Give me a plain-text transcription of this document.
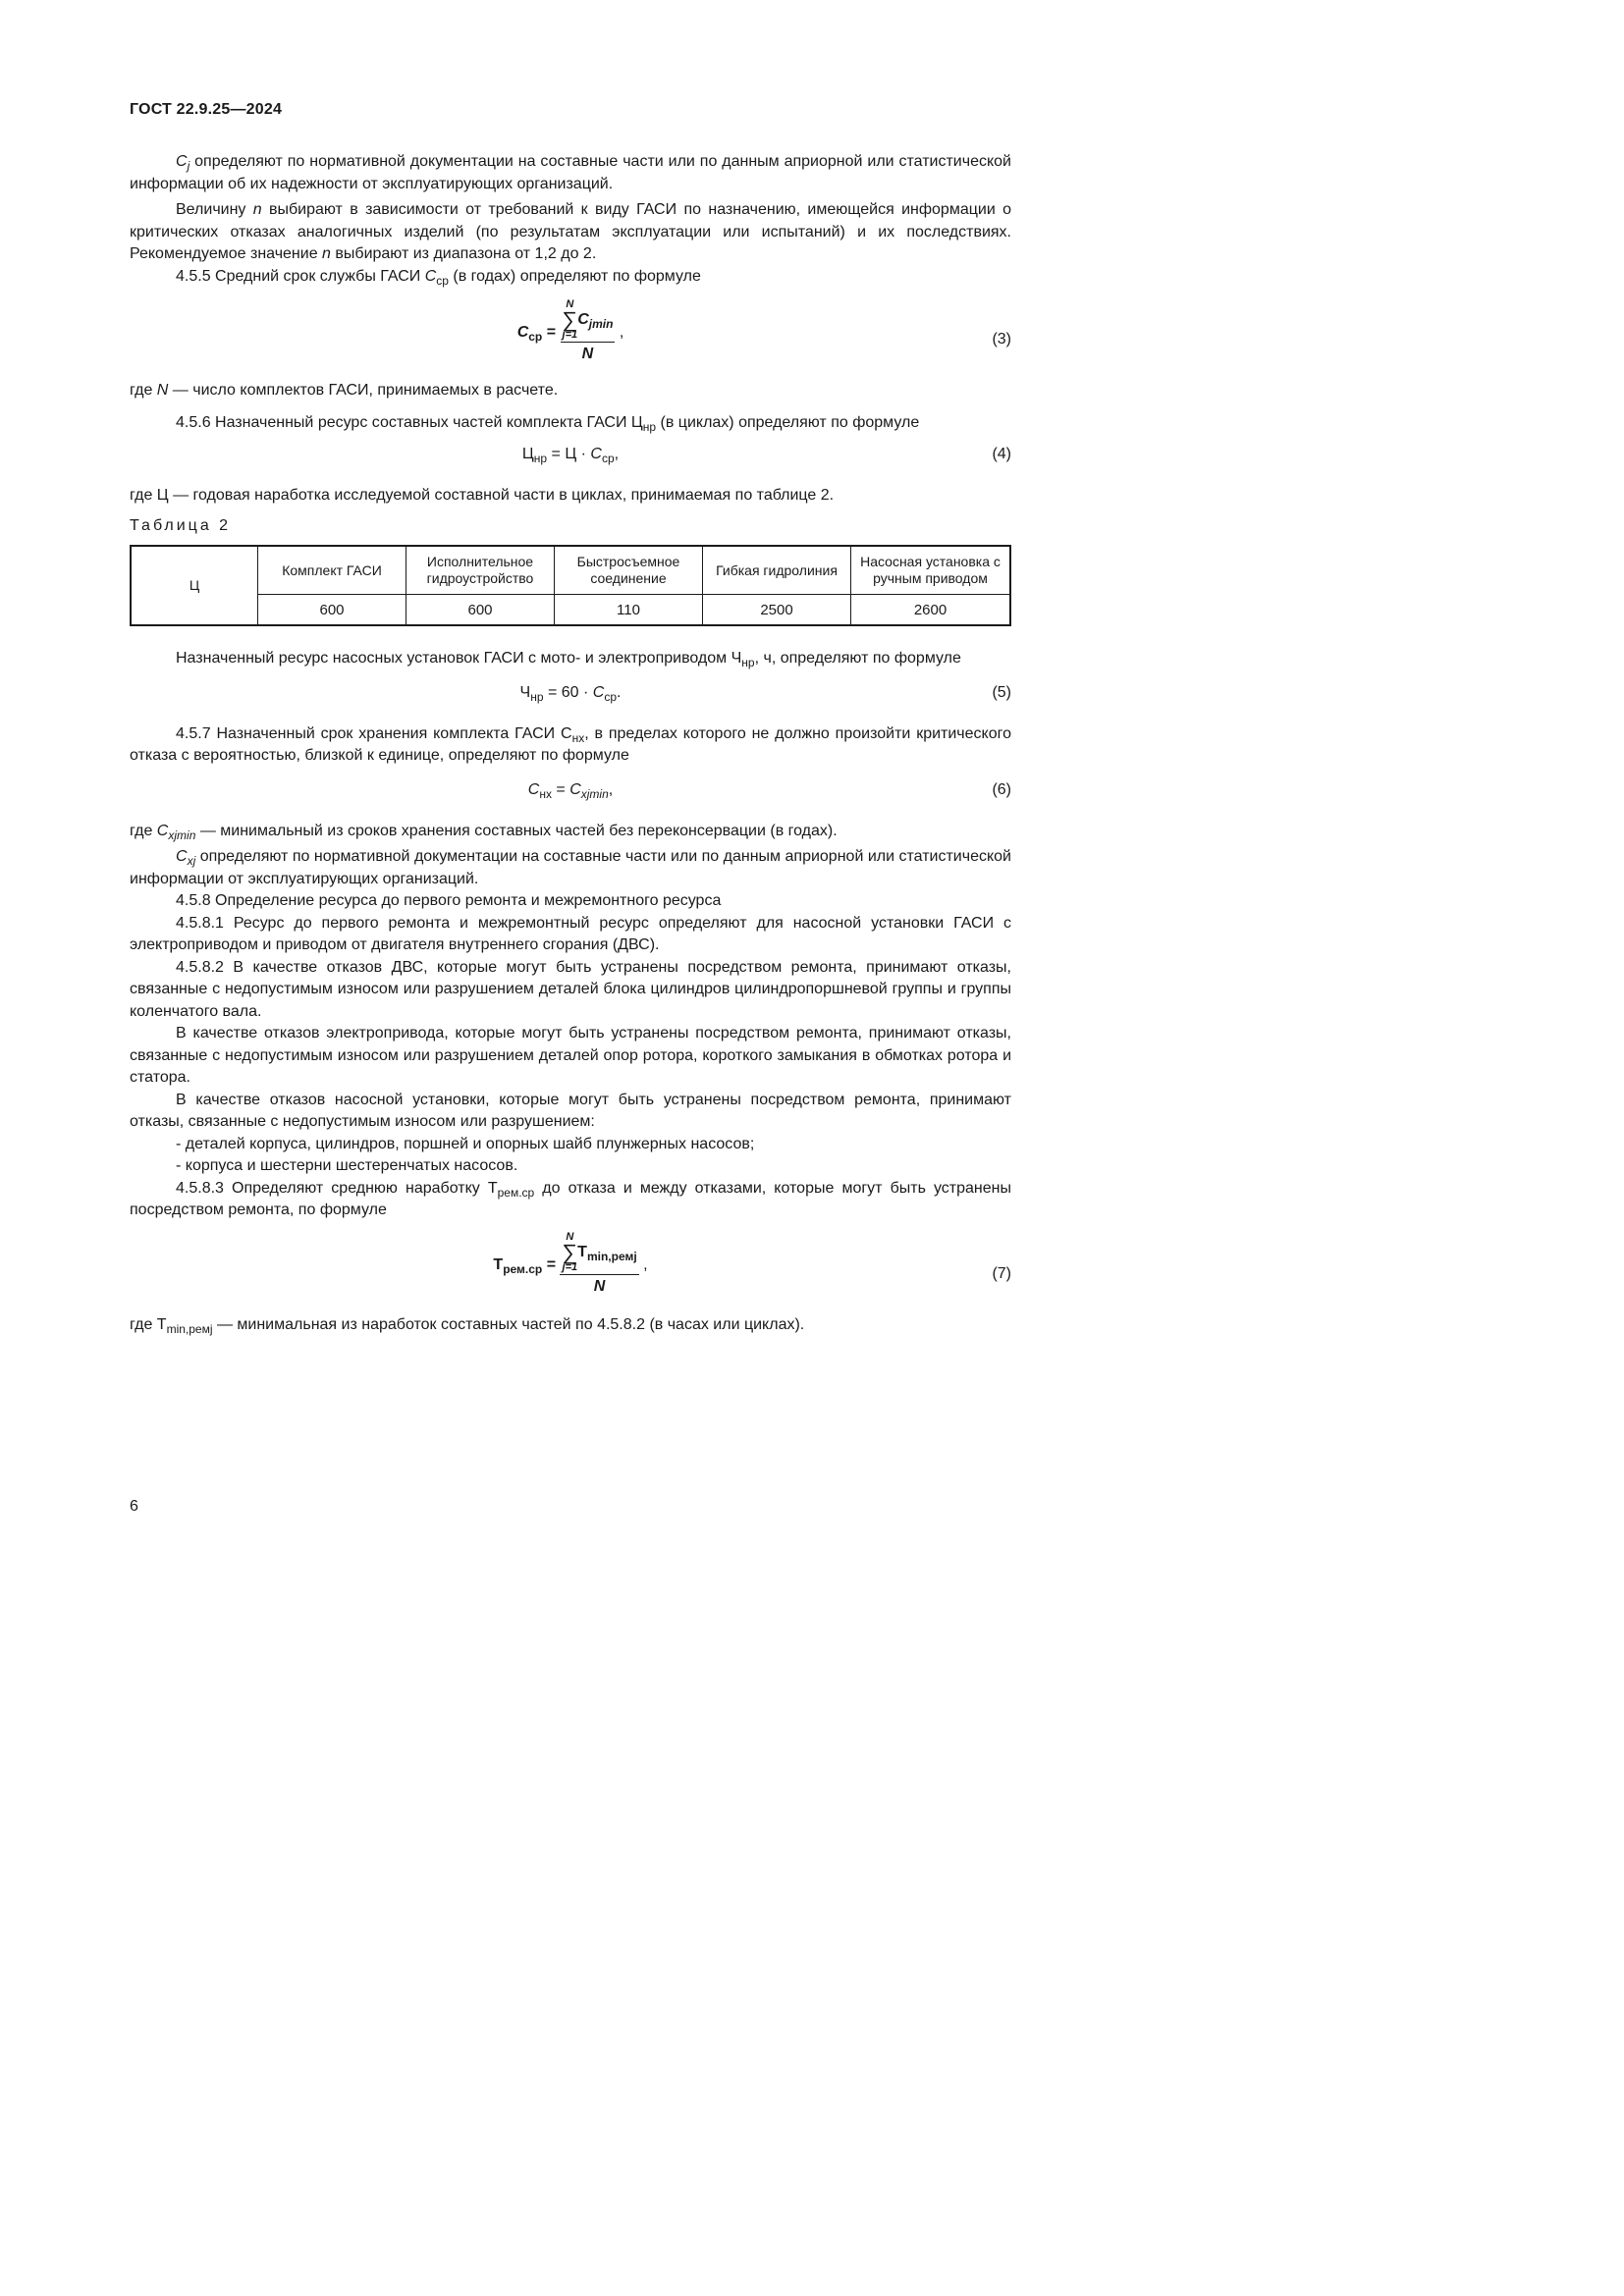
ГОСТ 22.9.25—2024

$C_j$ определяют по нормативной документации на составные части или по данным априорной или статистической информации об их надежности от эксплуатирующих организаций.

Величину n выбирают в зависимости от требований к виду ГАСИ по назначению, имеющейся информации о критических отказах аналогичных изделий (по результатам эксплуатации или испытаний) и их последствиях. Рекомендуемое значение n выбирают из диапазона от 1,2 до 2.

4.5.5 Средний срок службы ГАСИ $C_{ср}$ (в годах) определяют по формуле

$C_{ср}$ =
N
∑
$j=1C_{jmin}$
N
,	(3)

где N — число комплектов ГАСИ, принимаемых в расчете.

4.5.6 Назначенный ресурс составных частей комплекта ГАСИ $Ц_{нр}$ (в циклах) определяют по формуле

$Ц_{нр} = Ц \cdot C_{ср}$,	(4)

где Ц — годовая наработка исследуемой составной части в циклах, принимаемая по таблице 2.

Таблица 2

Ц	Комплект ГАСИ	Исполнительное гидроустройство	Быстросъемное соединение	Гибкая гидролиния	Насосная установка с ручным приводом
	600	600	110	2500	2600

Назначенный ресурс насосных установок ГАСИ с мото- и электроприводом $Ч_{нр}$, ч, определяют по формуле

$Ч_{нр} = 60 \cdot C_{ср}$.	(5)

4.5.7 Назначенный срок хранения комплекта ГАСИ $С_{нх}$, в пределах которого не должно произойти критического отказа с вероятностью, близкой к единице, определяют по формуле

$C_{нх} = C_{xjmin}$,	(6)

где $C_{xjmin}$ — минимальный из сроков хранения составных частей без переконсервации (в годах).

$C_{xj}$ определяют по нормативной документации на составные части или по данным априорной или статистической информации от эксплуатирующих организаций.

4.5.8 Определение ресурса до первого ремонта и межремонтного ресурса

4.5.8.1 Ресурс до первого ремонта и межремонтный ресурс определяют для насосной установки ГАСИ с электроприводом и приводом от двигателя внутреннего сгорания (ДВС).

4.5.8.2 В качестве отказов ДВС, которые могут быть устранены посредством ремонта, принимают отказы, связанные с недопустимым износом или разрушением деталей блока цилиндров цилиндропоршневой группы и группы коленчатого вала.

В качестве отказов электропривода, которые могут быть устранены посредством ремонта, принимают отказы, связанные с недопустимым износом или разрушением деталей опор ротора, короткого замыкания в обмотках ротора и статора.

В качестве отказов насосной установки, которые могут быть устранены посредством ремонта, принимают отказы, связанные с недопустимым износом или разрушением:

- деталей корпуса, цилиндров, поршней и опорных шайб плунжерных насосов;
- корпуса и шестерни шестеренчатых насосов.

4.5.8.3 Определяют среднюю наработку $Т_{рем.ср}$ до отказа и между отказами, которые могут быть устранены посредством ремонта, по формуле

$Т_{рем.ср}$ =
N
∑
$j=1Т_{min,ремj}$
N
,
(7)

где $Т_{min,ремj}$ — минимальная из наработок составных частей по 4.5.8.2 (в часах или циклах).

6
